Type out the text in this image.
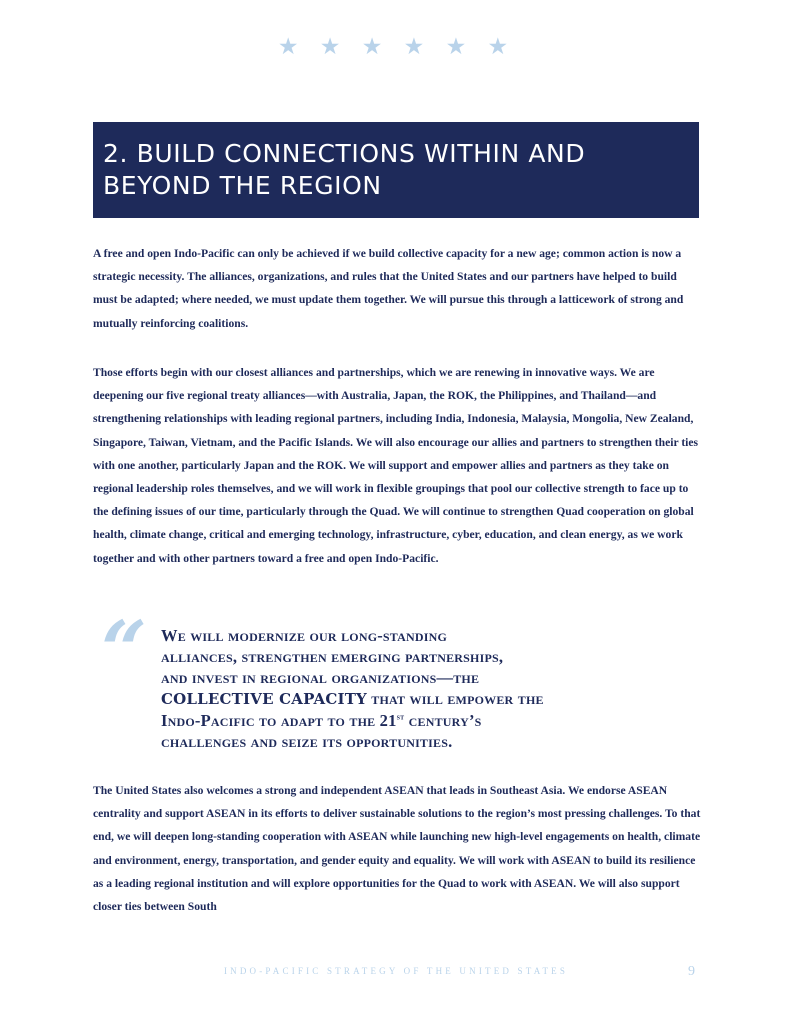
★ ★ ★ ★ ★ ★
2. BUILD CONNECTIONS WITHIN AND
BEYOND THE REGION

A free and open Indo-Pacific can only be achieved if we build collective capacity for a new age; common action is now a strategic necessity. The alliances, organizations, and rules that the United States and our partners have helped to build must be adapted; where needed, we must update them together. We will pursue this through a latticework of strong and mutually reinforcing coalitions.

Those efforts begin with our closest alliances and partnerships, which we are renewing in innovative ways. We are deepening our five regional treaty alliances—with Australia, Japan, the ROK, the Philippines, and Thailand—and strengthening relationships with leading regional partners, including India, Indonesia, Malaysia, Mongolia, New Zealand, Singapore, Taiwan, Vietnam, and the Pacific Islands. We will also encourage our allies and partners to strengthen their ties with one another, particularly Japan and the ROK. We will support and empower allies and partners as they take on regional leadership roles themselves, and we will work in flexible groupings that pool our collective strength to face up to the defining issues of our time, particularly through the Quad. We will continue to strengthen Quad cooperation on global health, climate change, critical and emerging technology, infrastructure, cyber, education, and clean energy, as we work together and with other partners toward a free and open Indo-Pacific.

“ We will modernize our long-standing
alliances, strengthen emerging partnerships,
and invest in regional organizations—the
COLLECTIVE CAPACITY that will empower the
Indo-Pacific to adapt to the 21st century’s
challenges and seize its opportunities.

The United States also welcomes a strong and independent ASEAN that leads in Southeast Asia. We endorse ASEAN centrality and support ASEAN in its efforts to deliver sustainable solutions to the region’s most pressing challenges. To that end, we will deepen long-standing cooperation with ASEAN while launching new high-level engagements on health, climate and environment, energy, transportation, and gender equity and equality. We will work with ASEAN to build its resilience as a leading regional institution and will explore opportunities for the Quad to work with ASEAN. We will also support closer ties between South

INDO-PACIFIC STRATEGY OF THE UNITED STATES	9
